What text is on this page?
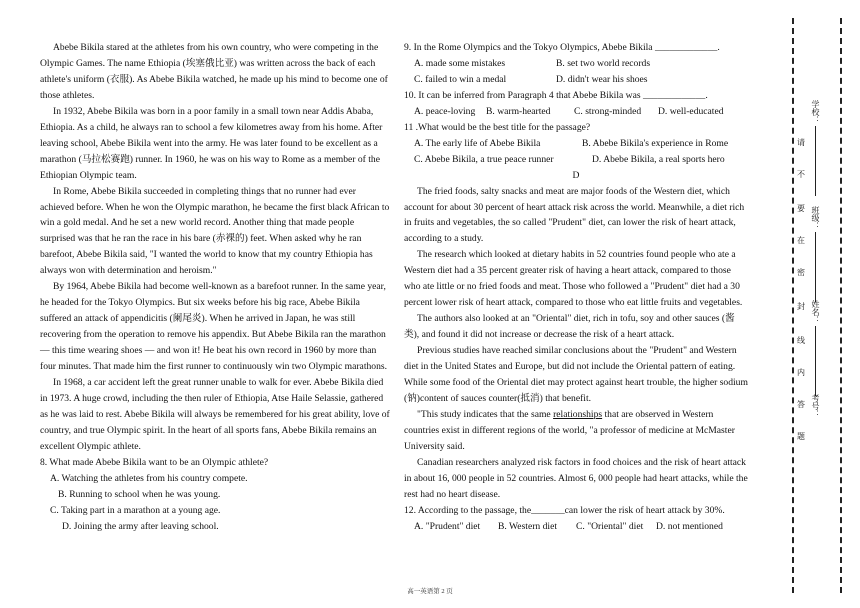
Abebe Bikila stared at the athletes from his own country, who were competing in the Olympic Games. The name Ethiopia (埃塞俄比亚) was written across the back of each athlete's uniform (衣服). As Abebe Bikila watched, he made up his mind to become one of those athletes.

In 1932, Abebe Bikila was born in a poor family in a small town near Addis Ababa, Ethiopia. As a child, he always ran to school a few kilometres away from his home. After leaving school, Abebe Bikila went into the army. He was later found to be excellent as a marathon (马拉松赛跑) runner. In 1960, he was on his way to Rome as a member of the Ethiopian Olympic team.

In Rome, Abebe Bikila succeeded in completing things that no runner had ever achieved before. When he won the Olympic marathon, he became the first black African to win a gold medal. And he set a new world record. Another thing that made people surprised was that he ran the race in his bare (赤裸的) feet. When asked why he ran barefoot, Abebe Bikila said, "I wanted the world to know that my country Ethiopia has always won with determination and heroism."

By 1964, Abebe Bikila had become well-known as a barefoot runner. In the same year, he headed for the Tokyo Olympics. But six weeks before his big race, Abebe Bikila suffered an attack of appendicitis (阑尾炎). When he arrived in Japan, he was still recovering from the operation to remove his appendix. But Abebe Bikila ran the marathon — this time wearing shoes — and won it! He beat his own record in 1960 by more than four minutes. That made him the first runner to continuously win two Olympic marathons.

In 1968, a car accident left the great runner unable to walk for ever. Abebe Bikila died in 1973. A huge crowd, including the then ruler of Ethiopia, Atse Haile Selassie, gathered as he was laid to rest. Abebe Bikila will always be remembered for his great ability, love of country, and true Olympic spirit. In the heart of all sports fans, Abebe Bikila remains an excellent Olympic athlete.

8. What made Abebe Bikila want to be an Olympic athlete?

A. Watching the athletes from his country compete.

B. Running to school when he was young.

C. Taking part in a marathon at a young age.

D. Joining the army after leaving school.

9. In the Rome Olympics and the Tokyo Olympics, Abebe Bikila _____________.

A. made some mistakes	B. set two world records
C. failed to win a medal	D. didn't wear his shoes

10. It can be inferred from Paragraph 4 that Abebe Bikila was _____________.

A. peace-loving	B. warm-hearted	C. strong-minded	D. well-educated

11 .What would be the best title for the passage?

A. The early life of Abebe Bikila	B. Abebe Bikila's experience in Rome
C. Abebe Bikila, a true peace runner	D. Abebe Bikila, a real sports hero

D

The fried foods, salty snacks and meat are major foods of the Western diet, which account for about 30 percent of heart attack risk across the world. Meanwhile, a diet rich in fruits and vegetables, the so called "Prudent" diet, can lower the risk of heart attack, according to a study.

The research which looked at dietary habits in 52 countries found people who ate a Western diet had a 35 percent greater risk of having a heart attack, compared to those who ate little or no fried foods and meat. Those who followed a "Prudent" diet had a 30 percent lower risk of heart attack, compared to those who eat little fruits and vegetables.

The authors also looked at an "Oriental" diet, rich in tofu, soy and other sauces (酱类), and found it did not increase or decrease the risk of a heart attack.

Previous studies have reached similar conclusions about the "Prudent" and Western diet in the United States and Europe, but did not include the Oriental pattern of eating. While some food of the Oriental diet may protect against heart trouble, the higher sodium (钠)content of sauces counter(抵消) that benefit.

"This study indicates that the same relationships that are observed in Western countries exist in different regions of the world, "a professor of medicine at McMaster University said.

Canadian researchers analyzed risk factors in food choices and the risk of heart attack in about 16, 000 people in 52 countries. Almost 6, 000 people had heart attacks, while the rest had no heart disease.

12. According to the passage, the_______can lower the risk of heart attack by 30%.

A. "Prudent" diet	B. Western diet	C. "Oriental" diet	D. not mentioned
高一英语第 2 页
请
不
要
在
密
封
线
内
答
题
学校：
班级：
姓名：
考号：
